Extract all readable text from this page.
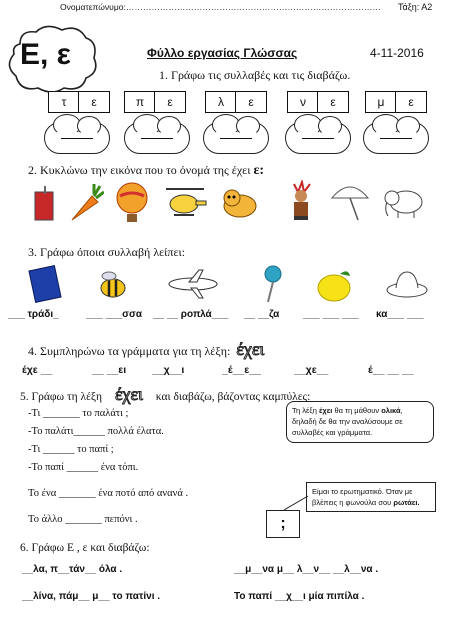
Ονοματεπώνυμο:……………………………………………………………………………… Τάξη: Α2
Ε, ε	Φύλλο εργασίας Γλώσσας	4-11-2016
1. Γράφω τις συλλαβές και τις διαβάζω.
τ	ε	π	ε	λ	ε	ν	ε	μ	ε
2. Κυκλώνω την εικόνα που το όνομά της έχει ε:
3. Γράφω όποια συλλαβή λείπει:
___ τράδι_	___ ___σσα __ __ ροπλά___ __ __ζα ___ ___ ___ κα___ ___
4. Συμπληρώνω τα γράμματα για τη λέξη: έχει
έχε __	__ __ει __χ__ι	_έ__ε__	__χε__	έ__ __ __
5. Γράφω τη λέξη έχει και διαβάζω, βάζοντας καμπύλες:
-Τι _______ το παλάτι ;
-Το παλάτι______ πολλά έλατα.
-Τι ______ το παπί ;
-Το παπί ______ ένα τόπι.
Τη λέξη έχει θα τη μάθουν ολικά, δηλαδή δε θα την αναλύσουμε σε συλλαβές και γράμματα.
Το ένα _______ ένα ποτό από ανανά .
Το άλλο _______ πεπόνι .
Είμαι το ερωτηματικό. Όταν με βλέπεις η φωνούλα σου ρωτάει.
;
6. Γράφω Ε , ε και διαβάζω:
__λα, π__τάν__ όλα .	__μ__να μ__ λ__ν__ __λ__να .
__λίνα, πάμ__ μ__ το πατίνι .	Το παπί __χ__ι μία πιπίλα .
